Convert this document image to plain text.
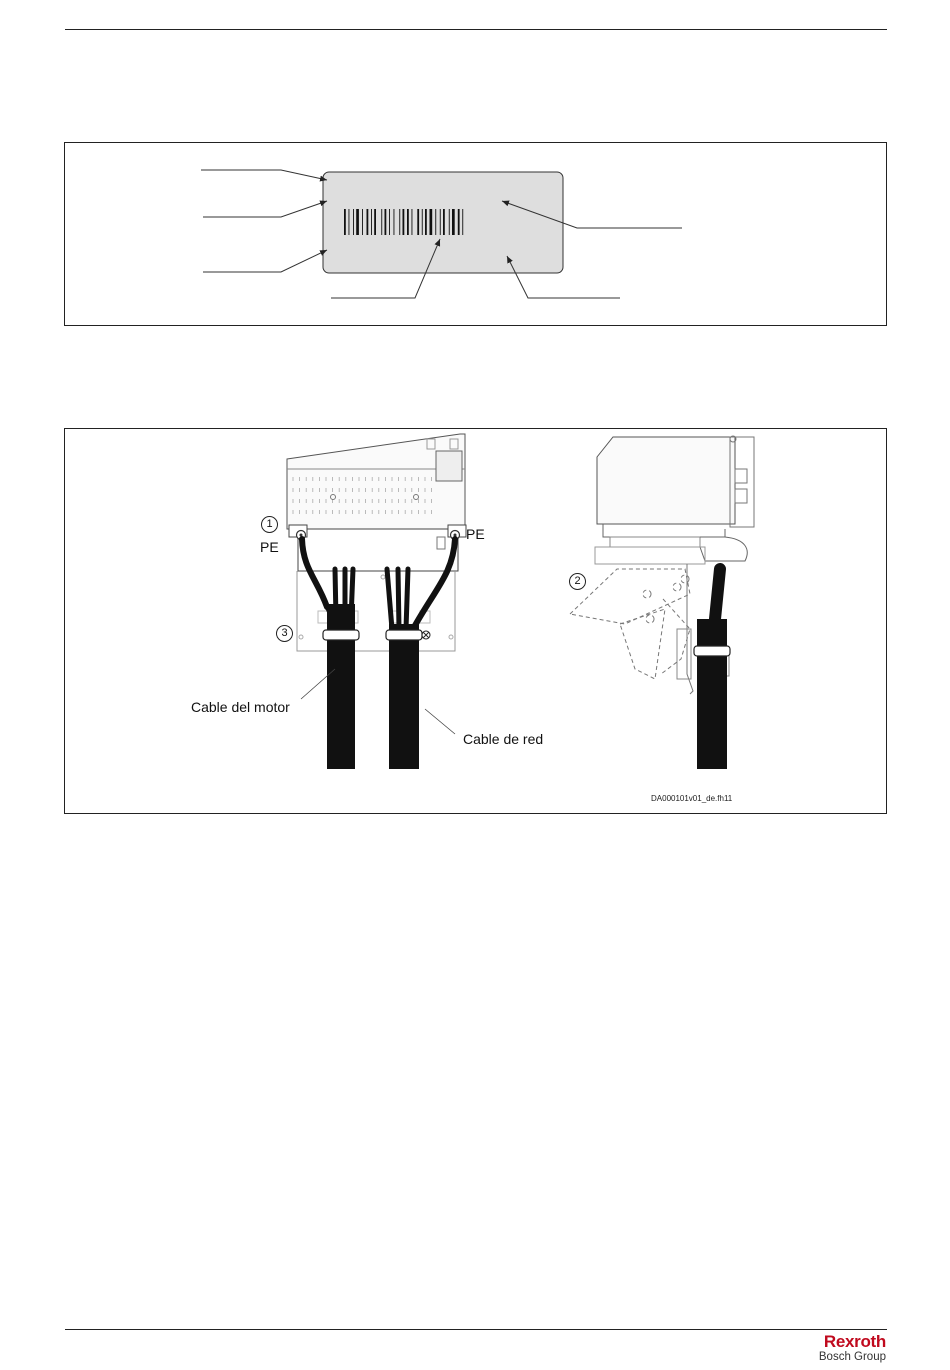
1
2
3
PE
PE
Cable del motor
Cable de red
DA000101v01_de.fh11
Rexroth
Bosch Group
